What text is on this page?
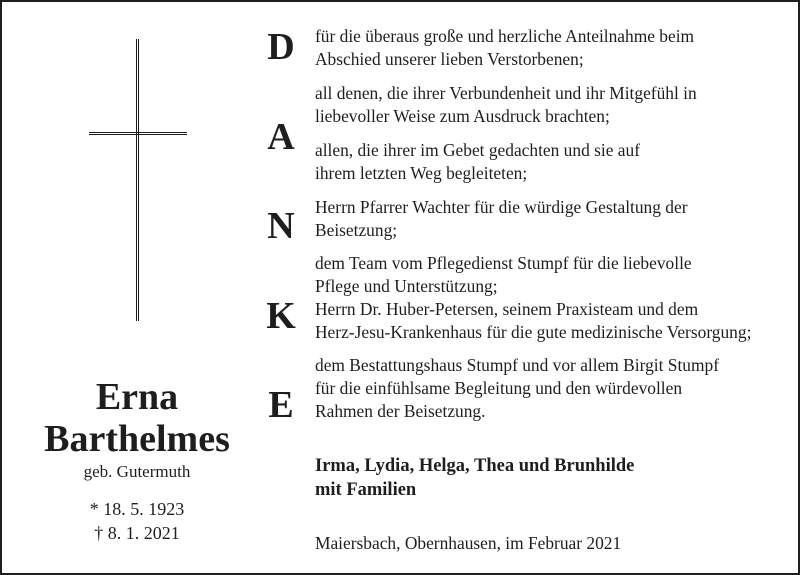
Erna
Barthelmes
geb. Gutermuth
* 18. 5. 1923
† 8. 1. 2021
D
A
N
K
E
für die überaus große und herzliche Anteilnahme beim
Abschied unserer lieben Verstorbenen;
all denen, die ihrer Verbundenheit und ihr Mitgefühl in
liebevoller Weise zum Ausdruck brachten;
allen, die ihrer im Gebet gedachten und sie auf
ihrem letzten Weg begleiteten;
Herrn Pfarrer Wachter für die würdige Gestaltung der
Beisetzung;
dem Team vom Pflegedienst Stumpf für die liebevolle
Pflege und Unterstützung;
Herrn Dr. Huber-Petersen, seinem Praxisteam und dem
Herz-Jesu-Krankenhaus für die gute medizinische Versorgung;
dem Bestattungshaus Stumpf und vor allem Birgit Stumpf
für die einfühlsame Begleitung und den würdevollen
Rahmen der Beisetzung.
Irma, Lydia, Helga, Thea und Brunhilde
mit Familien
Maiersbach, Obernhausen, im Februar 2021
